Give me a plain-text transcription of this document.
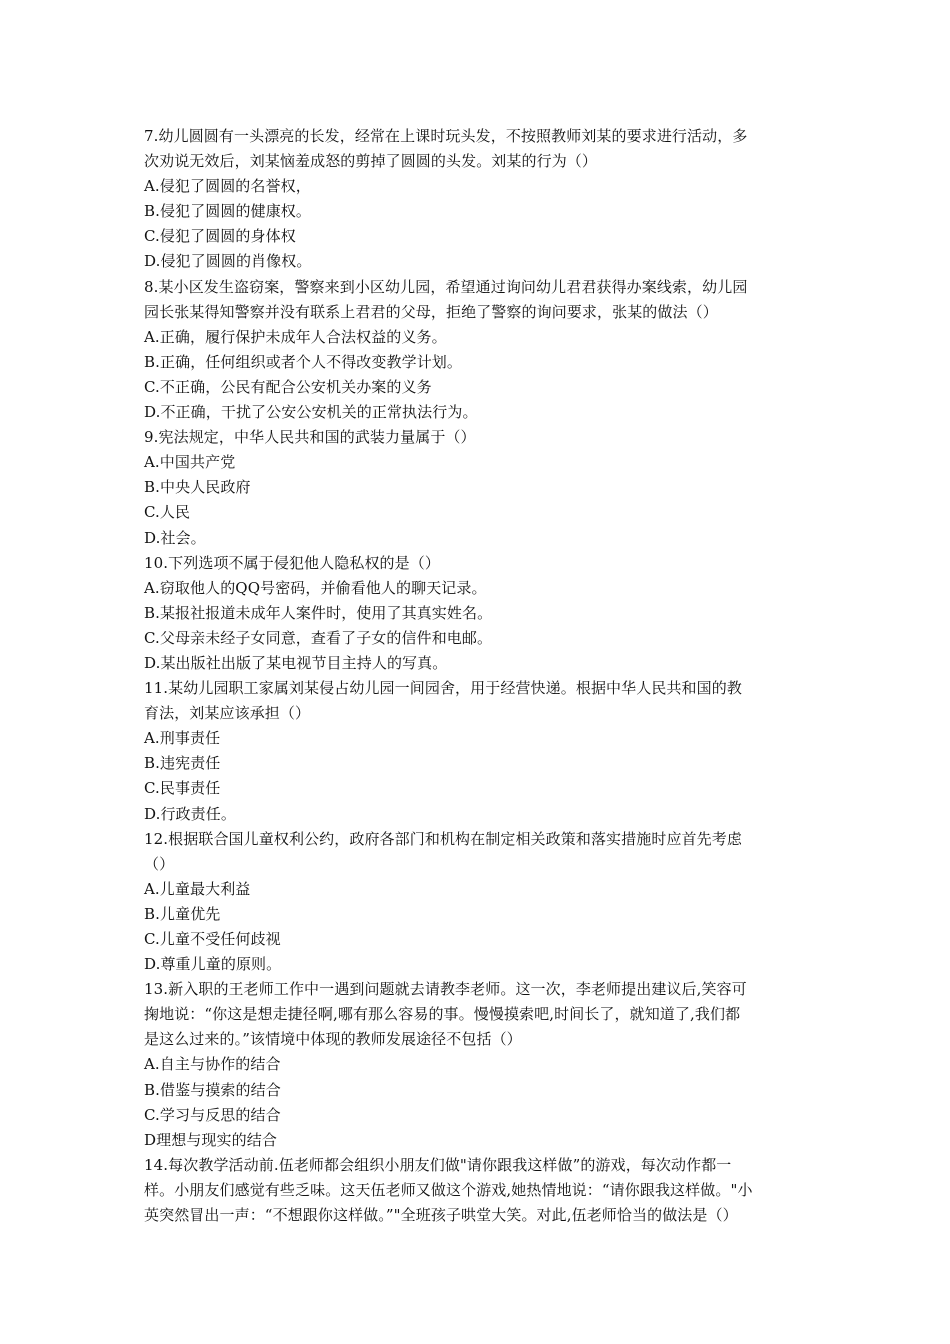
7.幼儿圆圆有一头漂亮的长发，经常在上课时玩头发，不按照教师刘某的要求进行活动，多
次劝说无效后，刘某恼羞成怒的剪掉了圆圆的头发。刘某的行为（）
A.侵犯了圆圆的名誉权，
B.侵犯了圆圆的健康权。
C.侵犯了圆圆的身体权
D.侵犯了圆圆的肖像权。
8.某小区发生盗窃案，警察来到小区幼儿园，希望通过询问幼儿君君获得办案线索，幼儿园
园长张某得知警察并没有联系上君君的父母，拒绝了警察的询问要求，张某的做法（）
A.正确，履行保护未成年人合法权益的义务。
B.正确，任何组织或者个人不得改变教学计划。
C.不正确，公民有配合公安机关办案的义务
D.不正确，干扰了公安公安机关的正常执法行为。
9.宪法规定，中华人民共和国的武装力量属于（）
A.中国共产党
B.中央人民政府
C.人民
D.社会。
10.下列选项不属于侵犯他人隐私权的是（）
A.窃取他人的QQ号密码，并偷看他人的聊天记录。
B.某报社报道未成年人案件时，使用了其真实姓名。
C.父母亲未经子女同意，查看了子女的信件和电邮。
D.某出版社出版了某电视节目主持人的写真。
11.某幼儿园职工家属刘某侵占幼儿园一间园舍，用于经营快递。根据中华人民共和国的教
育法，刘某应该承担（）
A.刑事责任
B.违宪责任
C.民事责任
D.行政责任。
12.根据联合国儿童权利公约，政府各部门和机构在制定相关政策和落实措施时应首先考虑
（）
A.儿童最大利益
B.儿童优先
C.儿童不受任何歧视
D.尊重儿童的原则。
13.新入职的王老师工作中一遇到问题就去请教李老师。这一次，李老师提出建议后,笑容可
掬地说：“你这是想走捷径啊,哪有那么容易的事。慢慢摸索吧,时间长了，就知道了,我们都
是这么过来的。”该情境中体现的教师发展途径不包括（）
A.自主与协作的结合
B.借鉴与摸索的结合
C.学习与反思的结合
D理想与现实的结合
14.每次教学活动前.伍老师都会组织小朋友们做"请你跟我这样做”的游戏，每次动作都一
样。小朋友们感觉有些乏味。这天伍老师又做这个游戏,她热情地说：“请你跟我这样做。"小
英突然冒出一声：“不想跟你这样做。”"全班孩子哄堂大笑。对此,伍老师恰当的做法是（）
